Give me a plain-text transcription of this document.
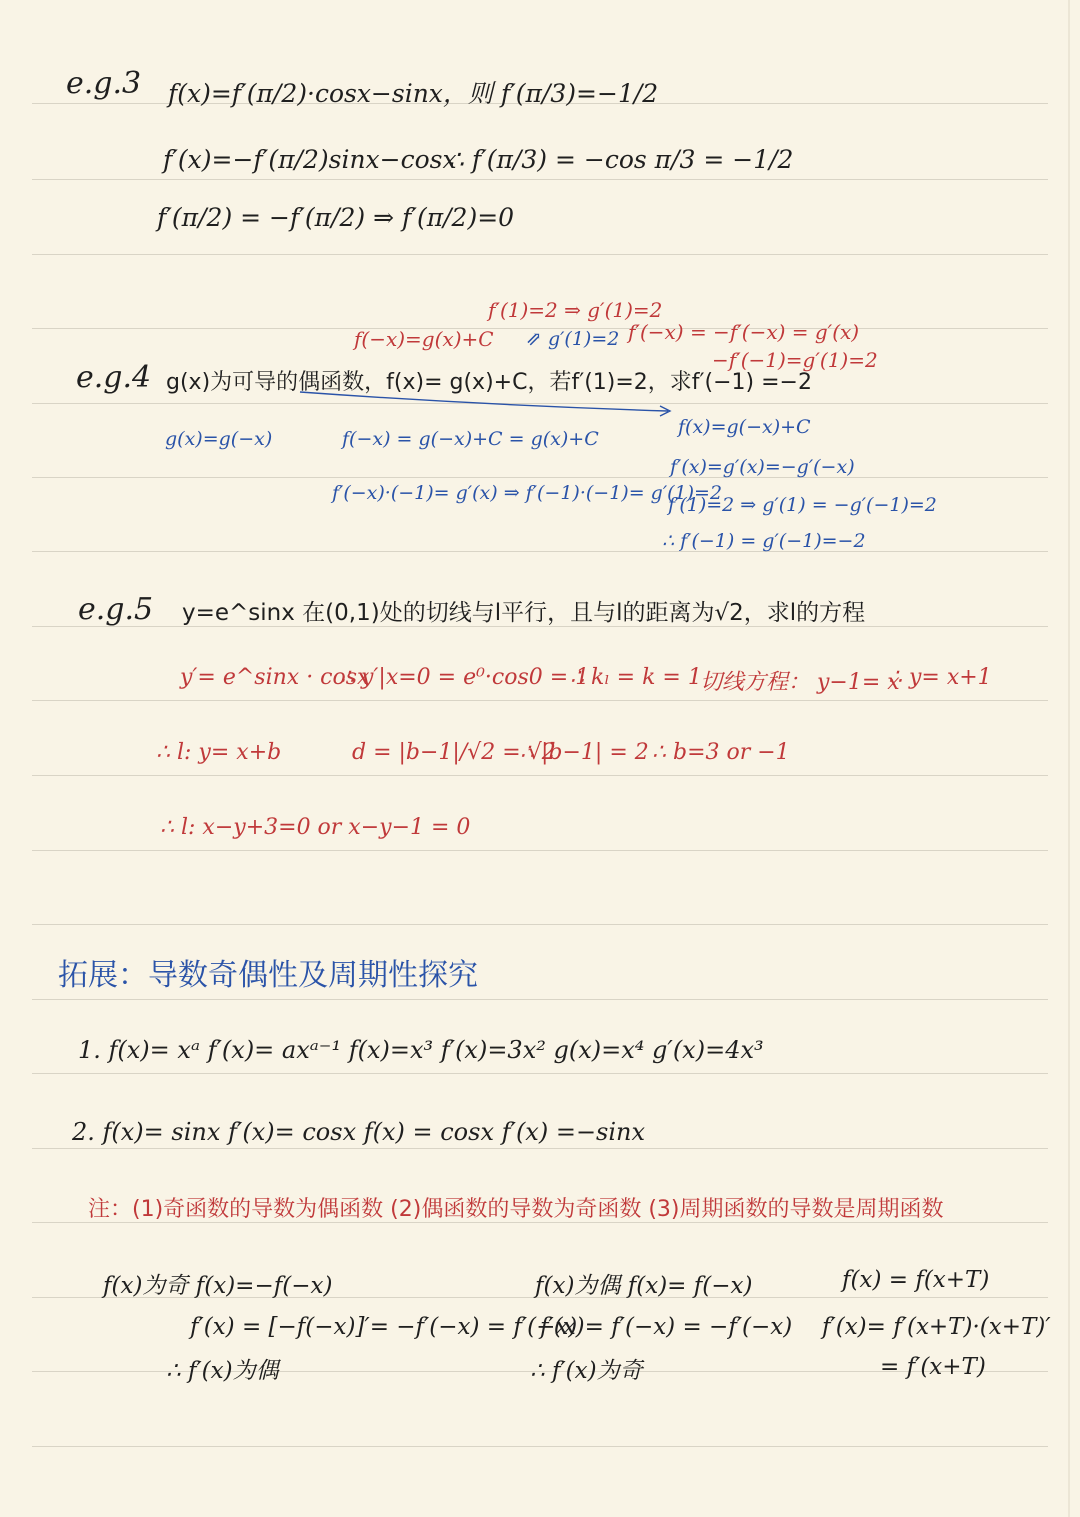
e.g.3 f(x)=f′(π/2)·cosx−sinx，则 f′(π/3)=−1/2
f′(x)=−f′(π/2)sinx−cosx
∴ f′(π/3) = −cos π/3 = −1/2
f′(π/2) = −f′(π/2) ⇒ f′(π/2)=0
f′(1)=2 ⇒ g′(1)=2
f(−x)=g(x)+C ⇗ g′(1)=2 f′(−x) = −f′(−x) = g′(x)
−f′(−1)=g′(1)=2
e.g.4 g(x)为可导的偶函数，f(x)= g(x)+C，若f′(1)=2，求f′(−1) =−2
g(x)=g(−x)	f(−x) = g(−x)+C = g(x)+C
f′(−x)·(−1)= g′(x) ⇒ f′(−1)·(−1)= g′(1)=2
f(x)=g(−x)+C
f′(x)=g′(x)=−g′(−x)
f′(1)=2 ⇒ g′(1) = −g′(−1)=2
∴ f′(−1) = g′(−1)=−2
e.g.5 y=e^sinx 在(0,1)处的切线与l平行，且与l的距离为√2，求l的方程
y′= e^sinx · cosx
∴ y′|x=0 = e⁰·cos0 = 1
∴ kₗ = k = 1
切线方程： y−1= x
∴ y= x+1
∴ l: y= x+b	d = |b−1|/√2 = √2
∴ |b−1| = 2 ∴ b=3 or −1
∴ l: x−y+3=0 or x−y−1 = 0
拓展：导数奇偶性及周期性探究
1. f(x)= xᵃ f′(x)= axᵃ⁻¹ f(x)=x³ f′(x)=3x² g(x)=x⁴ g′(x)=4x³
2. f(x)= sinx f′(x)= cosx f(x) = cosx f′(x) =−sinx
注：(1)奇函数的导数为偶函数 (2)偶函数的导数为奇函数 (3)周期函数的导数是周期函数
f(x)为奇 f(x)=−f(−x)
f′(x) = [−f(−x)]′= −f′(−x) = f′(−x)
∴ f′(x)为偶
f(x)为偶 f(x)= f(−x)
f′(x)= f′(−x) = −f′(−x)
∴ f′(x)为奇
f(x) = f(x+T)
f′(x)= f′(x+T)·(x+T)′
= f′(x+T)
